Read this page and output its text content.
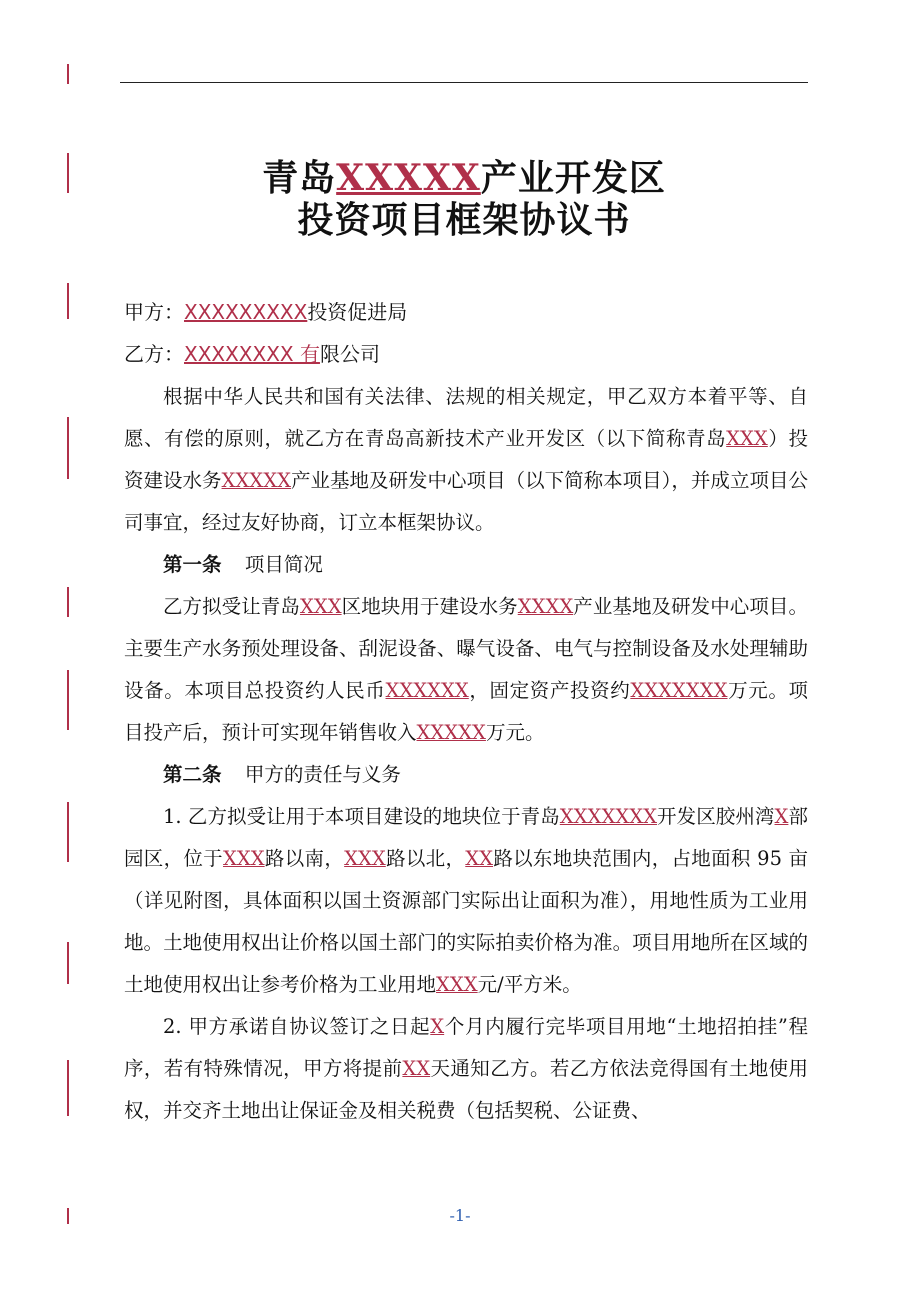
青岛XXXXX产业开发区
投资项目框架协议书
甲方：XXXXXXXXX投资促进局
乙方：XXXXXXXX 有限公司

根据中华人民共和国有关法律、法规的相关规定，甲乙双方本着平等、自愿、有偿的原则，就乙方在青岛高新技术产业开发区（以下简称青岛XXX）投资建设水务XXXXX产业基地及研发中心项目（以下简称本项目），并成立项目公司事宜，经过友好协商，订立本框架协议。

第一条 项目简况

乙方拟受让青岛XXX区地块用于建设水务XXXX产业基地及研发中心项目。主要生产水务预处理设备、刮泥设备、曝气设备、电气与控制设备及水处理辅助设备。本项目总投资约人民币XXXXXX，固定资产投资约XXXXXXX万元。项目投产后，预计可实现年销售收入XXXXX万元。

第二条 甲方的责任与义务

1. 乙方拟受让用于本项目建设的地块位于青岛XXXXXXX开发区胶州湾X部园区，位于XXX路以南，XXX路以北，XX路以东地块范围内，占地面积 95 亩（详见附图，具体面积以国土资源部门实际出让面积为准），用地性质为工业用地。土地使用权出让价格以国土部门的实际拍卖价格为准。项目用地所在区域的土地使用权出让参考价格为工业用地XXX元/平方米。

2. 甲方承诺自协议签订之日起X个月内履行完毕项目用地“土地招拍挂”程序，若有特殊情况，甲方将提前XX天通知乙方。若乙方依法竞得国有土地使用权，并交齐土地出让保证金及相关税费（包括契税、公证费、

-1-
